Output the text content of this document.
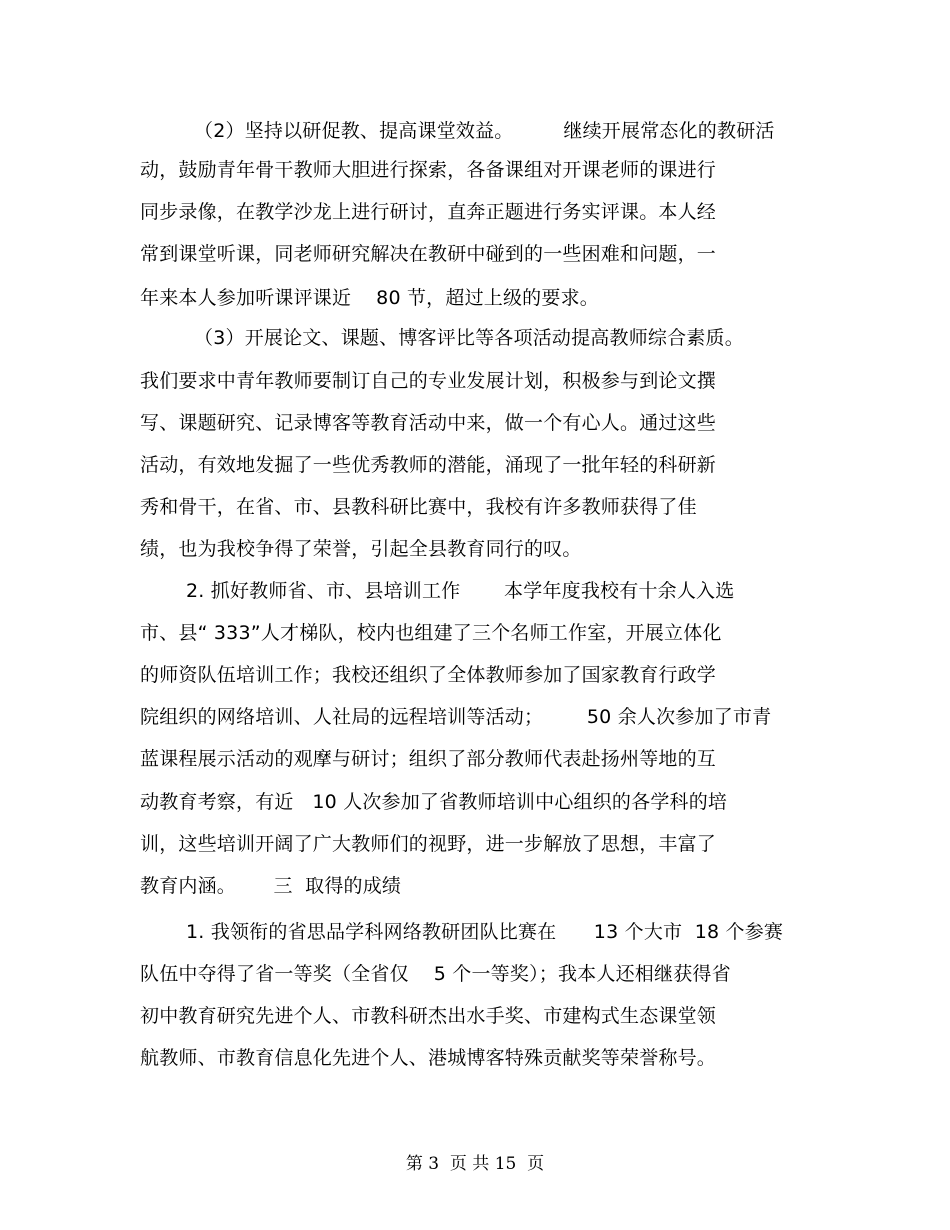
（2）坚持以研促教、提高课堂效益。        继续开展常态化的教研活
动，鼓励青年骨干教师大胆进行探索，各备课组对开课老师的课进行
同步录像，在教学沙龙上进行研讨，直奔正题进行务实评课。本人经
常到课堂听课，同老师研究解决在教研中碰到的一些困难和问题，一
年来本人参加听课评课近    80 节，超过上级的要求。
（3）开展论文、课题、博客评比等各项活动提高教师综合素质。
我们要求中青年教师要制订自己的专业发展计划，积极参与到论文撰
写、课题研究、记录博客等教育活动中来，做一个有心人。通过这些
活动，有效地发掘了一些优秀教师的潜能，涌现了一批年轻的科研新
秀和骨干，在省、市、县教科研比赛中，我校有许多教师获得了佳
绩，也为我校争得了荣誉，引起全县教育同行的叹。
2. 抓好教师省、市、县培训工作       本学年度我校有十余人入选
市、县“ 333”人才梯队，校内也组建了三个名师工作室，开展立体化
的师资队伍培训工作；我校还组织了全体教师参加了国家教育行政学
院组织的网络培训、人社局的远程培训等活动；       50 余人次参加了市青
蓝课程展示活动的观摩与研讨；组织了部分教师代表赴扬州等地的互
动教育考察，有近   10 人次参加了省教师培训中心组织的各学科的培
训，这些培训开阔了广大教师们的视野，进一步解放了思想，丰富了
教育内涵。      三  取得的成绩
1. 我领衔的省思品学科网络教研团队比赛在      13 个大市  18 个参赛
队伍中夺得了省一等奖（全省仅    5 个一等奖）；我本人还相继获得省
初中教育研究先进个人、市教科研杰出水手奖、市建构式生态课堂领
航教师、市教育信息化先进个人、港城博客特殊贡献奖等荣誉称号。
第 3  页 共 15  页
